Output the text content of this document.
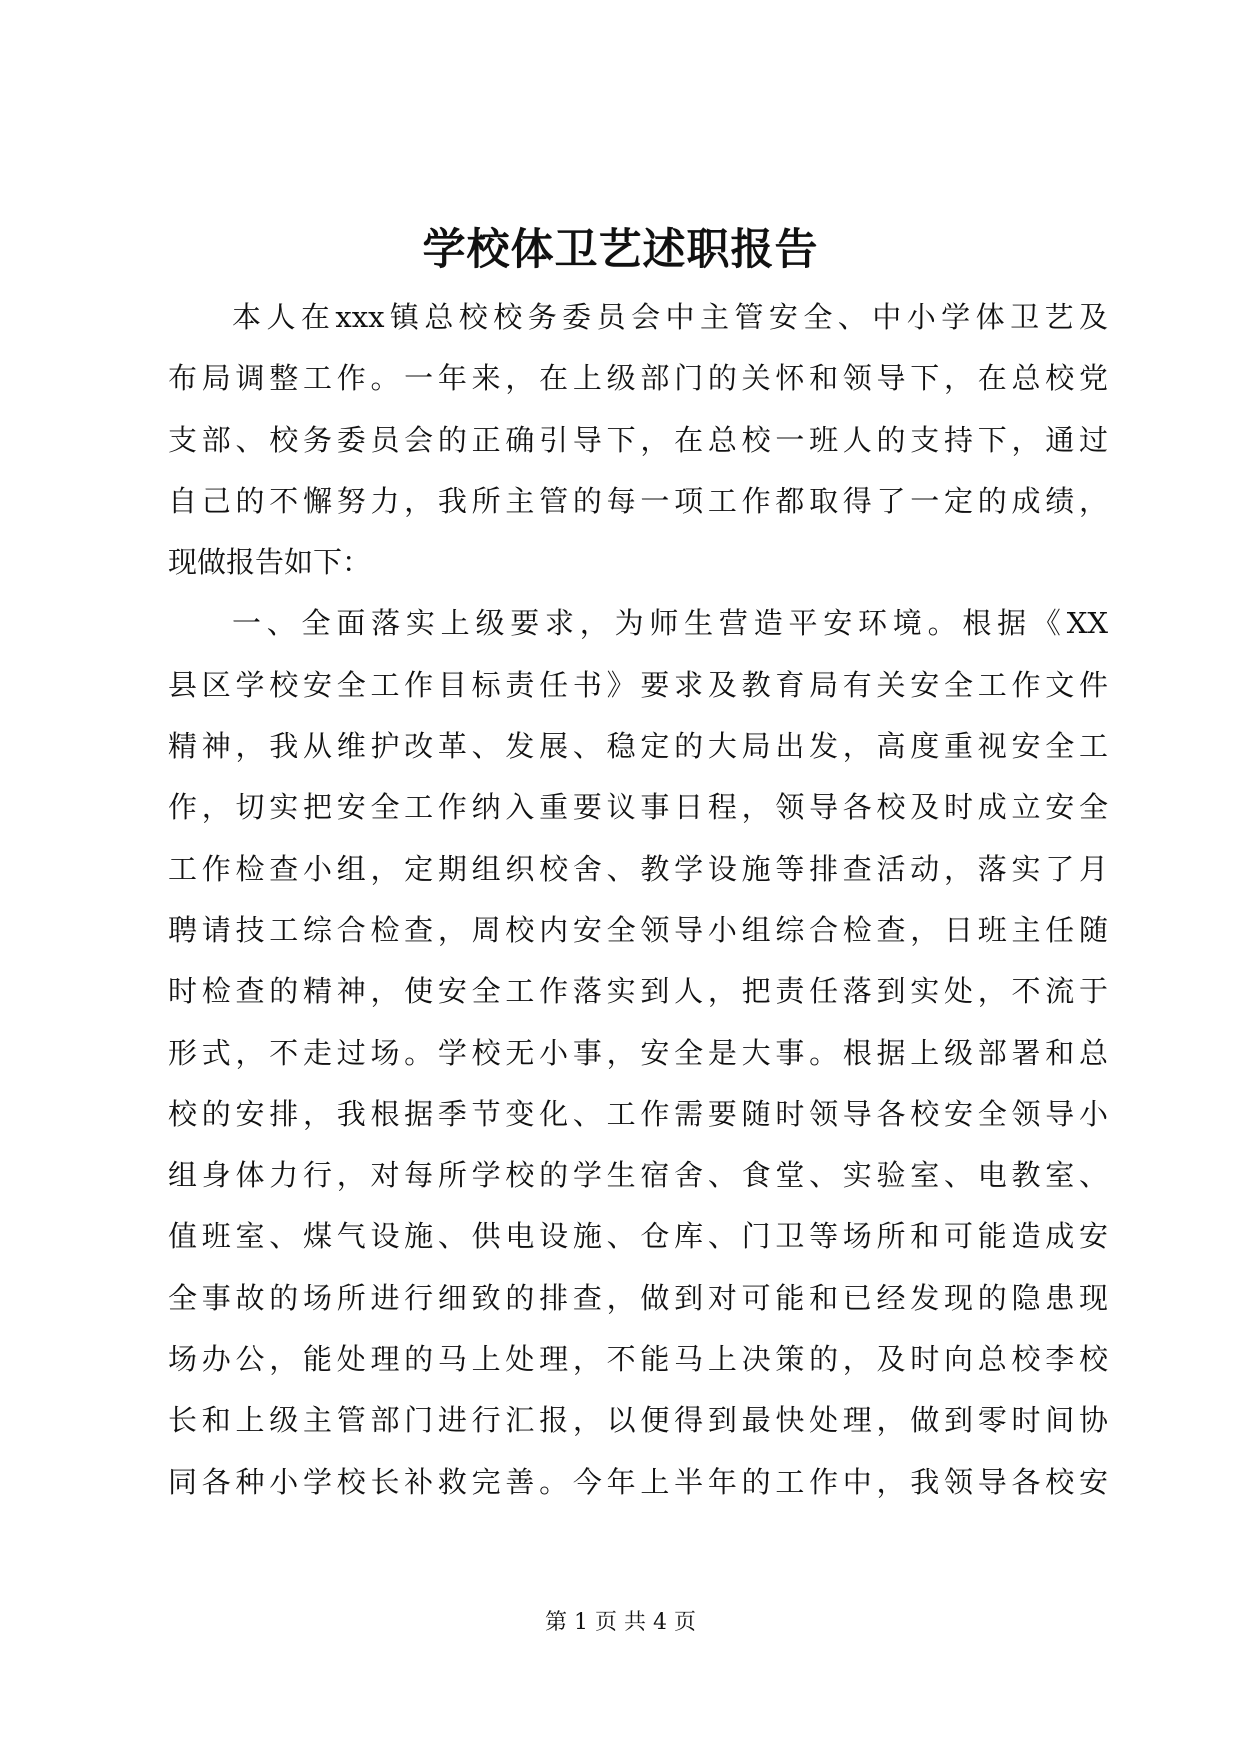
学校体卫艺述职报告
本人在xxx镇总校校务委员会中主管安全、中小学体卫艺及
布局调整工作。一年来，在上级部门的关怀和领导下，在总校党
支部、校务委员会的正确引导下，在总校一班人的支持下，通过
自己的不懈努力，我所主管的每一项工作都取得了一定的成绩，
现做报告如下：
一、全面落实上级要求，为师生营造平安环境。根据《XX
县区学校安全工作目标责任书》要求及教育局有关安全工作文件
精神，我从维护改革、发展、稳定的大局出发，高度重视安全工
作，切实把安全工作纳入重要议事日程，领导各校及时成立安全
工作检查小组，定期组织校舍、教学设施等排查活动，落实了月
聘请技工综合检查，周校内安全领导小组综合检查，日班主任随
时检查的精神，使安全工作落实到人，把责任落到实处，不流于
形式，不走过场。学校无小事，安全是大事。根据上级部署和总
校的安排，我根据季节变化、工作需要随时领导各校安全领导小
组身体力行，对每所学校的学生宿舍、食堂、实验室、电教室、
值班室、煤气设施、供电设施、仓库、门卫等场所和可能造成安
全事故的场所进行细致的排查，做到对可能和已经发现的隐患现
场办公，能处理的马上处理，不能马上决策的，及时向总校李校
长和上级主管部门进行汇报，以便得到最快处理，做到零时间协
同各种小学校长补救完善。今年上半年的工作中，我领导各校安
第 1 页 共 4 页
